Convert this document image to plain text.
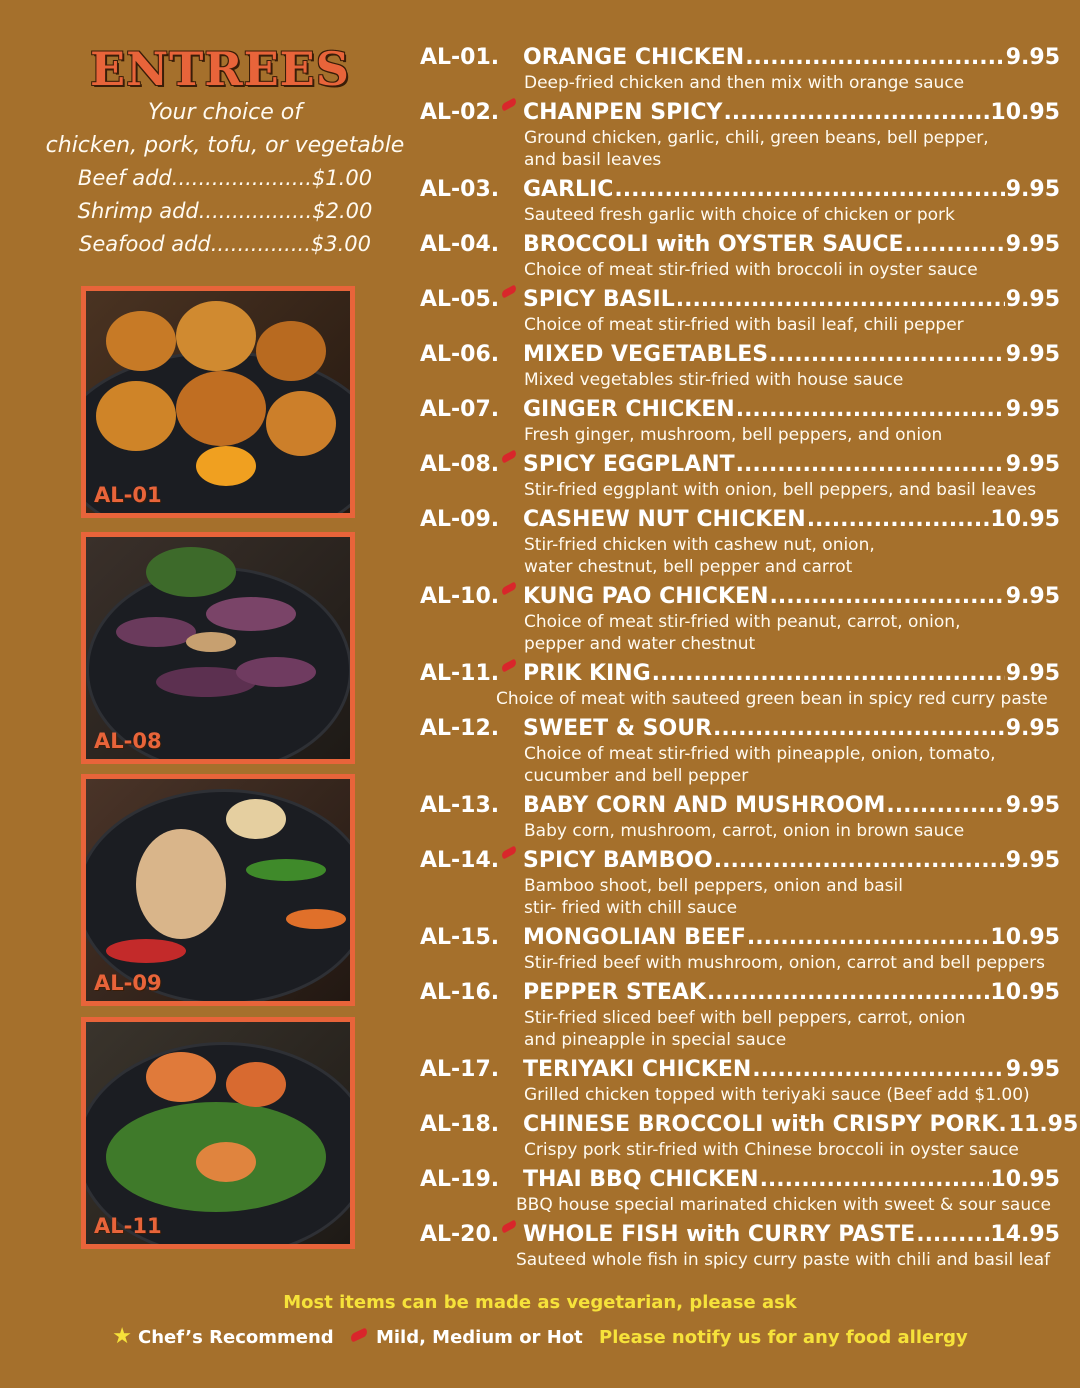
ENTREES
Your choice of
chicken, pork, tofu, or vegetable
Beef add.....................$1.00
Shrimp add.................$2.00
Seafood add...............$3.00
AL-01
AL-08
AL-09
AL-11
AL-01. ORANGE CHICKEN .....	9.95
Deep-fried chicken and then mix with orange sauce
AL-02. CHANPEN SPICY .....	10.95
Ground chicken, garlic, chili, green beans, bell pepper,
and basil leaves
AL-03. GARLIC .....	9.95
Sauteed fresh garlic with choice of chicken or pork
AL-04. BROCCOLI with OYSTER SAUCE .....	9.95
Choice of meat stir-fried with broccoli in oyster sauce
AL-05. SPICY BASIL .....	9.95
Choice of meat stir-fried with basil leaf, chili pepper
AL-06. MIXED VEGETABLES .....	9.95
Mixed vegetables stir-fried with house sauce
AL-07. GINGER CHICKEN .....	9.95
Fresh ginger, mushroom, bell peppers, and onion
AL-08. SPICY EGGPLANT .....	9.95
Stir-fried eggplant with onion, bell peppers, and basil leaves
AL-09. CASHEW NUT CHICKEN .....	10.95
Stir-fried chicken with cashew nut, onion,
water chestnut, bell pepper and carrot
AL-10. KUNG PAO CHICKEN .....	9.95
Choice of meat stir-fried with peanut, carrot, onion,
pepper and water chestnut
AL-11. PRIK KING .....	9.95
Choice of meat with sauteed green bean in spicy red curry paste
AL-12. SWEET & SOUR .....	9.95
Choice of meat stir-fried with pineapple, onion, tomato,
cucumber and bell pepper
AL-13. BABY CORN AND MUSHROOM .....	9.95
Baby corn, mushroom, carrot, onion in brown sauce
AL-14. SPICY BAMBOO .....	9.95
Bamboo shoot, bell peppers, onion and basil
stir- fried with chill sauce
AL-15. MONGOLIAN BEEF .....	10.95
Stir-fried beef with mushroom, onion, carrot and bell peppers
AL-16. PEPPER STEAK .....	10.95
Stir-fried sliced beef with bell peppers, carrot, onion
and pineapple in special sauce
AL-17. TERIYAKI CHICKEN .....	9.95
Grilled chicken topped with teriyaki sauce (Beef add $1.00)
AL-18. CHINESE BROCCOLI with CRISPY PORK. 11.95
Crispy pork stir-fried with Chinese broccoli in oyster sauce
AL-19. THAI BBQ CHICKEN .....	10.95
BBQ house special marinated chicken with sweet & sour sauce
AL-20. WHOLE FISH with CURRY PASTE .....	14.95
Sauteed whole fish in spicy curry paste with chili and basil leaf
Most items can be made as vegetarian, please ask
★ Chef’s Recommend Mild, Medium or Hot Please notify us for any food allergy
